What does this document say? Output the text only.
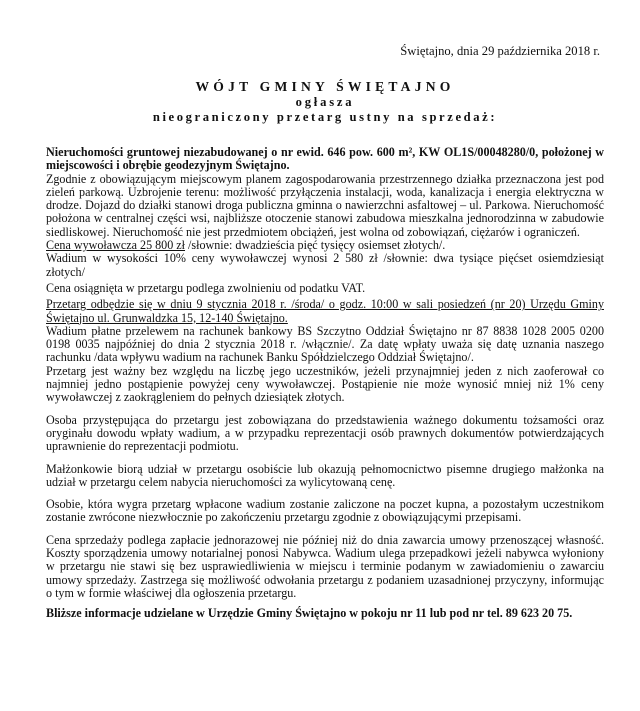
Świętajno, dnia 29 października 2018 r.
WÓJT GMINY ŚWIĘTAJNO
ogłasza
nieograniczony przetarg ustny na sprzedaż:

Nieruchomości gruntowej niezabudowanej o nr ewid. 646 pow. 600 m², KW OL1S/00048280/0, położonej w miejscowości i obrębie geodezyjnym Świętajno.

Zgodnie z obowiązującym miejscowym planem zagospodarowania przestrzennego działka przeznaczona jest pod zieleń parkową. Uzbrojenie terenu: możliwość przyłączenia instalacji, woda, kanalizacja i energia elektryczna w drodze. Dojazd do działki stanowi droga publiczna gminna o nawierzchni asfaltowej – ul. Parkowa. Nieruchomość położona w centralnej części wsi, najbliższe otoczenie stanowi zabudowa mieszkalna jednorodzinna w zabudowie siedliskowej. Nieruchomość nie jest przedmiotem obciążeń, jest wolna od zobowiązań, ciężarów i ograniczeń.

Cena wywoławcza 25 800 zł /słownie: dwadzieścia pięć tysięcy osiemset złotych/.

Wadium w wysokości 10% ceny wywoławczej wynosi 2 580 zł /słownie: dwa tysiące pięćset osiemdziesiąt złotych/

Cena osiągnięta w przetargu podlega zwolnieniu od podatku VAT.

Przetarg odbędzie się w dniu 9 stycznia 2018 r. /środa/ o godz. 10:00 w sali posiedzeń (nr 20) Urzędu Gminy Świętajno ul. Grunwaldzka 15, 12-140 Świętajno.

Wadium płatne przelewem na rachunek bankowy BS Szczytno Oddział Świętajno nr 87 8838 1028 2005 0200 0198 0035 najpóźniej do dnia 2 stycznia 2018 r. /włącznie/. Za datę wpłaty uważa się datę uznania naszego rachunku /data wpływu wadium na rachunek Banku Spółdzielczego Oddział Świętajno/.

Przetarg jest ważny bez względu na liczbę jego uczestników, jeżeli przynajmniej jeden z nich zaoferował co najmniej jedno postąpienie powyżej ceny wywoławczej. Postąpienie nie może wynosić mniej niż 1% ceny wywoławczej z zaokrągleniem do pełnych dziesiątek złotych.

Osoba przystępująca do przetargu jest zobowiązana do przedstawienia ważnego dokumentu tożsamości oraz oryginału dowodu wpłaty wadium, a w przypadku reprezentacji osób prawnych dokumentów potwierdzających uprawnienie do reprezentacji podmiotu.

Małżonkowie biorą udział w przetargu osobiście lub okazują pełnomocnictwo pisemne drugiego małżonka na udział w przetargu celem nabycia nieruchomości za wylicytowaną cenę.

Osobie, która wygra przetarg wpłacone wadium zostanie zaliczone na poczet kupna, a pozostałym uczestnikom zostanie zwrócone niezwłocznie po zakończeniu przetargu zgodnie z obowiązującymi przepisami.

Cena sprzedaży podlega zapłacie jednorazowej nie później niż do dnia zawarcia umowy przenoszącej własność. Koszty sporządzenia umowy notarialnej ponosi Nabywca. Wadium ulega przepadkowi jeżeli nabywca wyłoniony w przetargu nie stawi się bez usprawiedliwienia w miejscu i terminie podanym w zawiadomieniu o zawarciu umowy sprzedaży. Zastrzega się możliwość odwołania przetargu z podaniem uzasadnionej przyczyny, informując o tym w formie właściwej dla ogłoszenia przetargu.

Bliższe informacje udzielane w Urzędzie Gminy Świętajno w pokoju nr 11 lub pod nr tel. 89 623 20 75.
